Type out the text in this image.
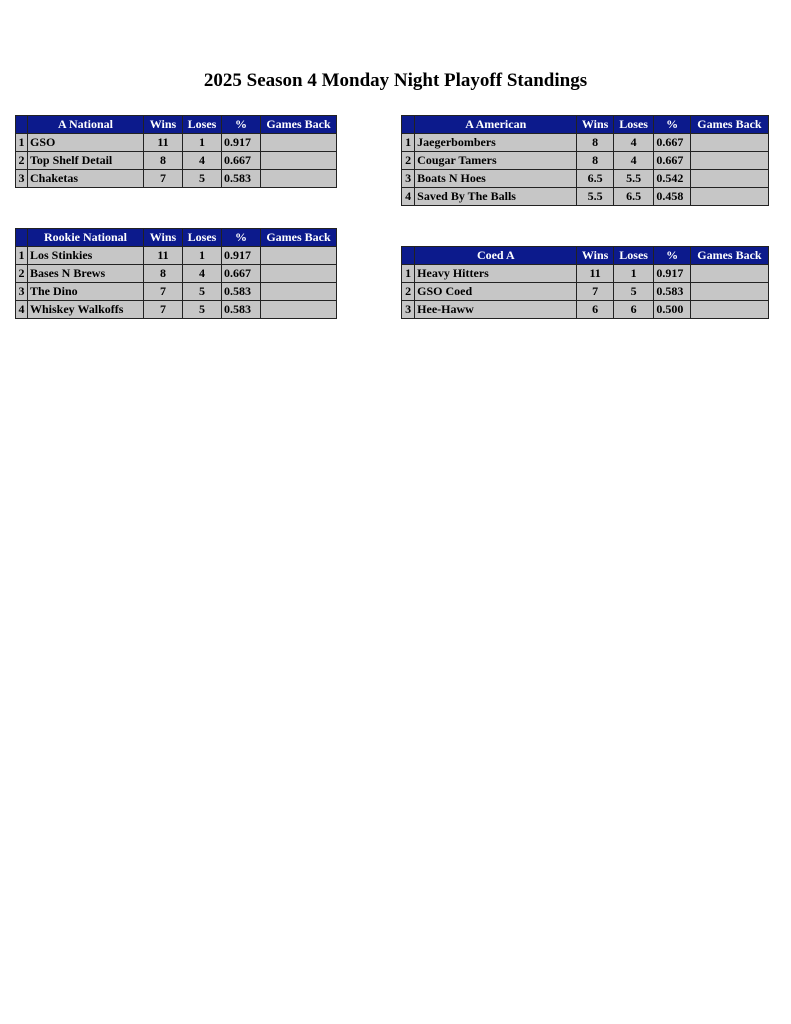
2025 Season 4 Monday Night Playoff Standings
	A National	Wins	Loses	%	Games Back
1	GSO	11	1	0.917	
2	Top Shelf Detail	8	4	0.667	
3	Chaketas	7	5	0.583	
	A American	Wins	Loses	%	Games Back
1	Jaegerbombers	8	4	0.667	
2	Cougar Tamers	8	4	0.667	
3	Boats N Hoes	6.5	5.5	0.542	
4	Saved By The Balls	5.5	6.5	0.458	
	Rookie National	Wins	Loses	%	Games Back
1	Los Stinkies	11	1	0.917	
2	Bases N Brews	8	4	0.667	
3	The Dino	7	5	0.583	
4	Whiskey Walkoffs	7	5	0.583	
	Coed A	Wins	Loses	%	Games Back
1	Heavy Hitters	11	1	0.917	
2	GSO Coed	7	5	0.583	
3	Hee-Haww	6	6	0.500	
